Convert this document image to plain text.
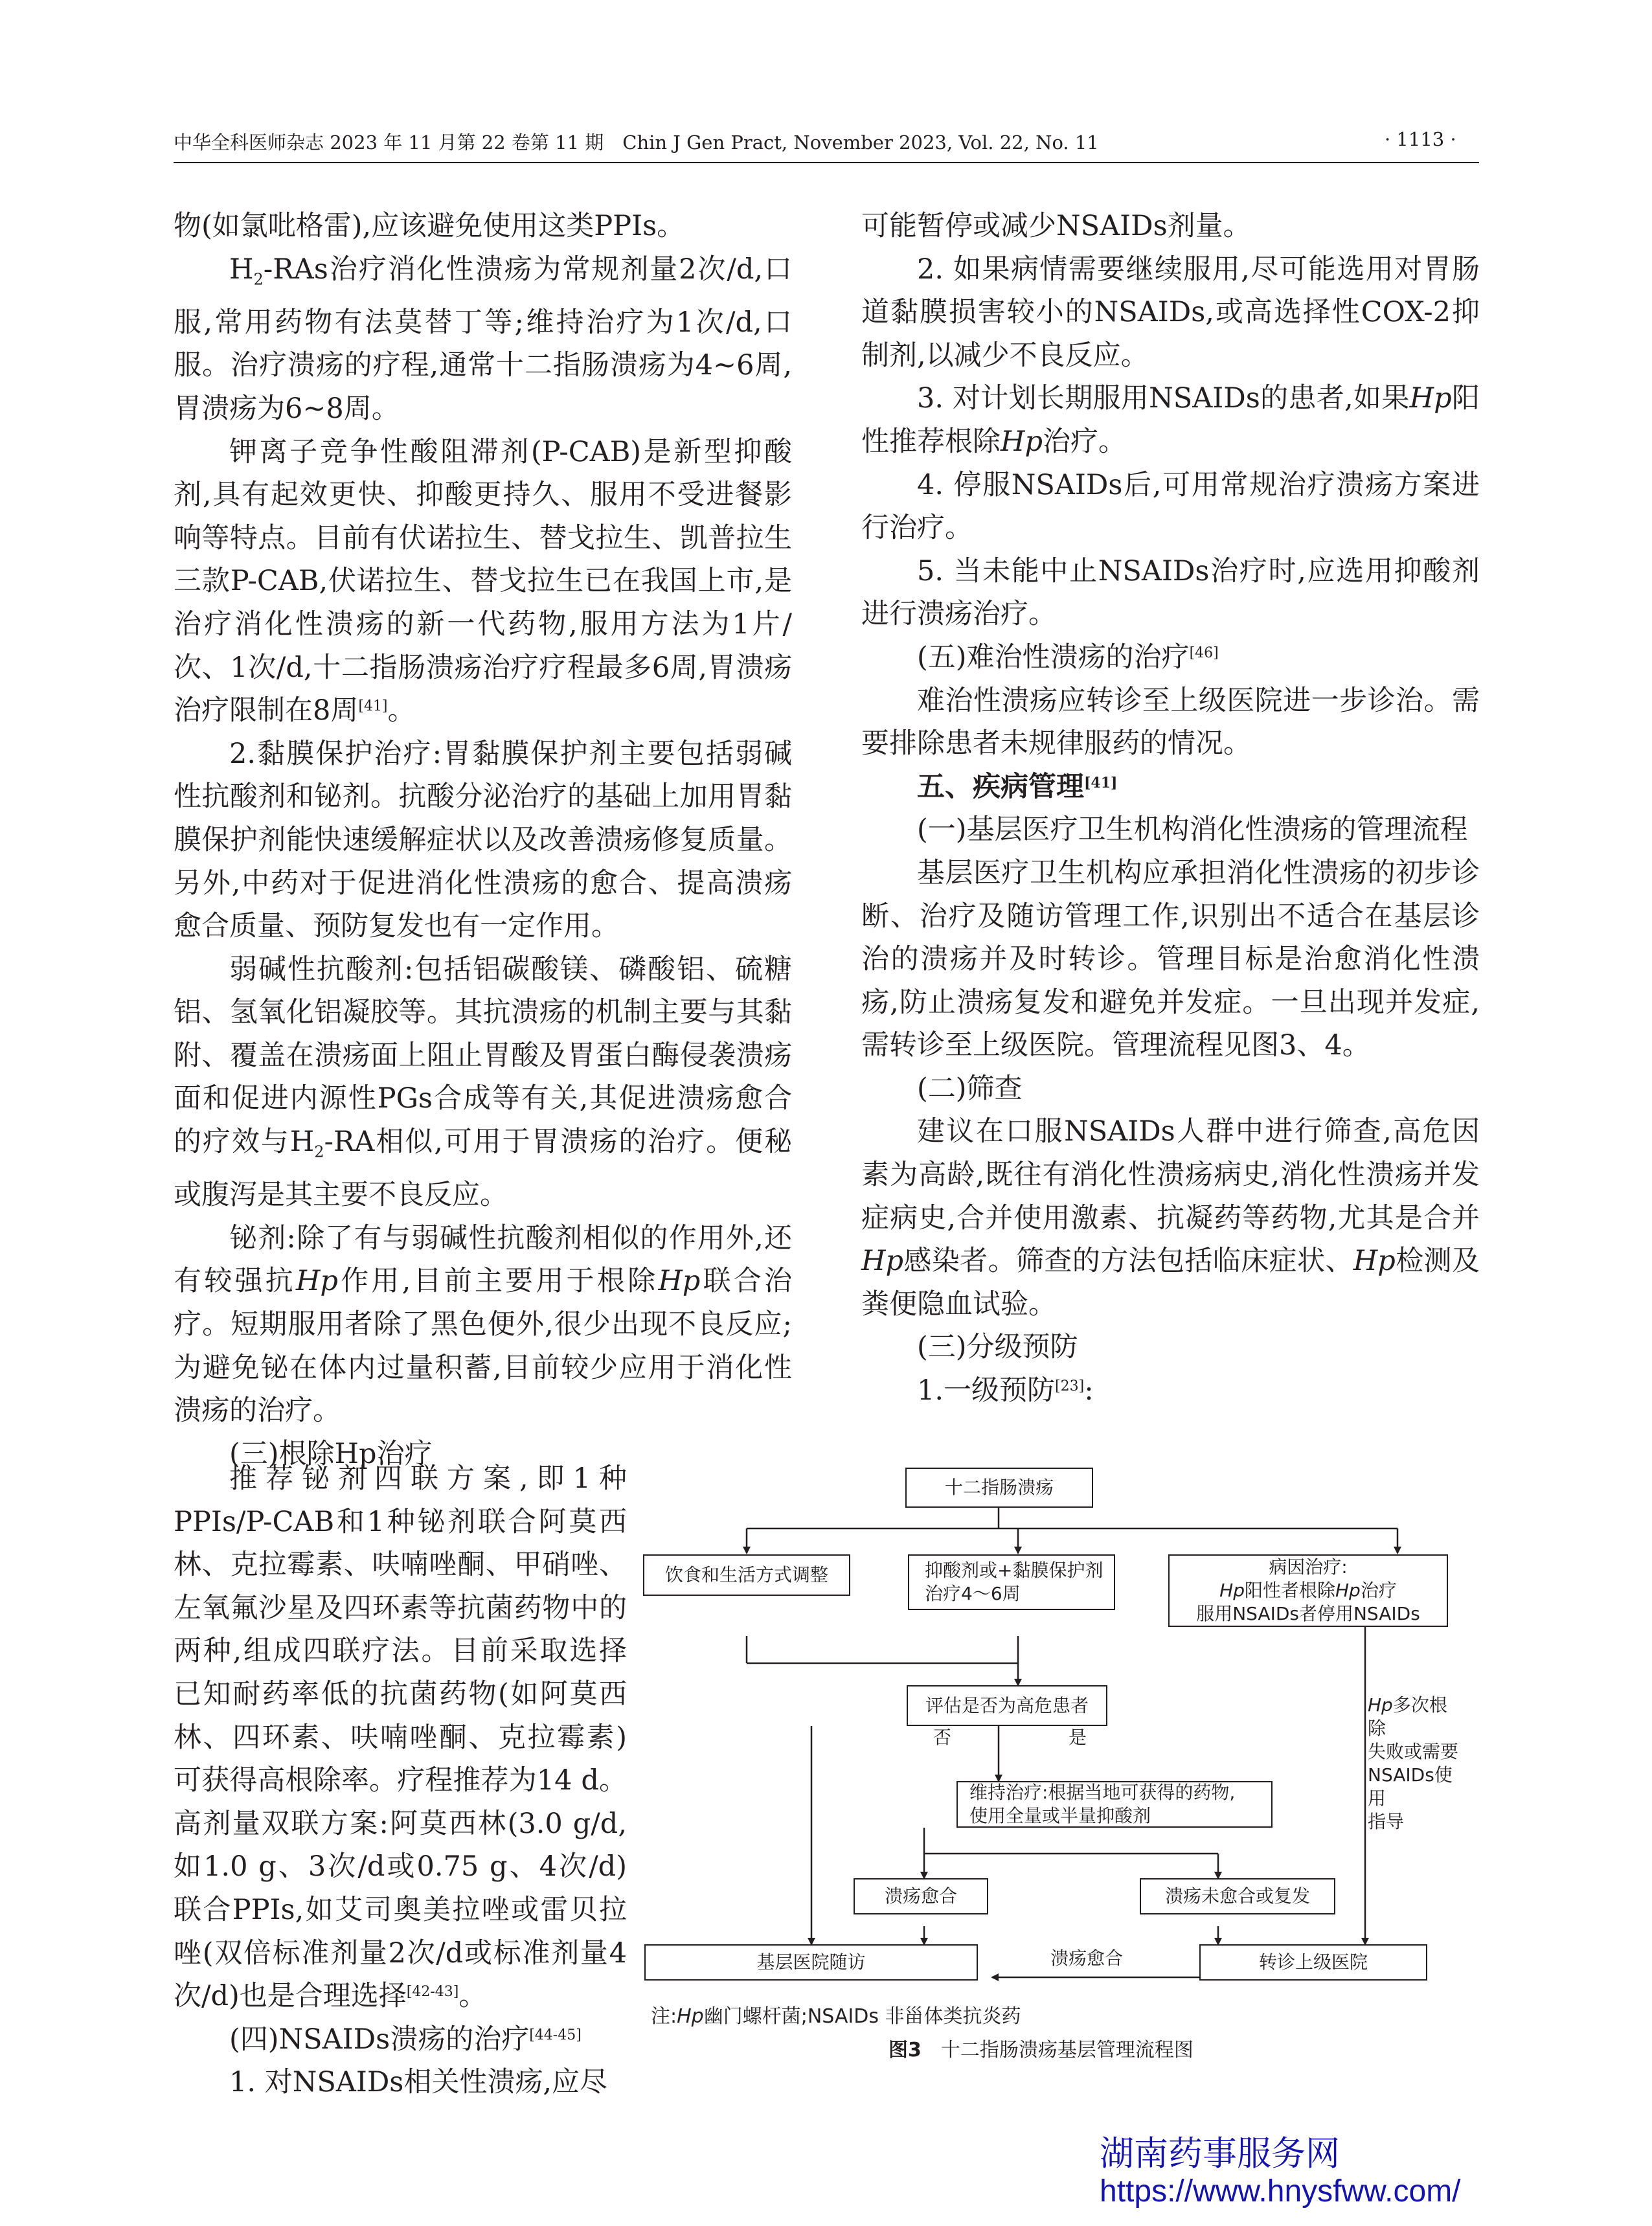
中华全科医师杂志 2023 年 11 月第 22 卷第 11 期　Chin J Gen Pract, November 2023, Vol. 22, No. 11	· 1113 ·

物(如氯吡格雷),应该避免使用这类PPIs。

$H_2$-RAs治疗消化性溃疡为常规剂量2次/d,口服,常用药物有法莫替丁等;维持治疗为1次/d,口服。治疗溃疡的疗程,通常十二指肠溃疡为4~6周,胃溃疡为6~8周。

钾离子竞争性酸阻滞剂(P-CAB)是新型抑酸剂,具有起效更快、抑酸更持久、服用不受进餐影响等特点。目前有伏诺拉生、替戈拉生、凯普拉生三款P-CAB,伏诺拉生、替戈拉生已在我国上市,是治疗消化性溃疡的新一代药物,服用方法为1片/次、1次/d,十二指肠溃疡治疗疗程最多6周,胃溃疡治疗限制在8周[41]。

2.黏膜保护治疗:胃黏膜保护剂主要包括弱碱性抗酸剂和铋剂。抗酸分泌治疗的基础上加用胃黏膜保护剂能快速缓解症状以及改善溃疡修复质量。另外,中药对于促进消化性溃疡的愈合、提高溃疡愈合质量、预防复发也有一定作用。

弱碱性抗酸剂:包括铝碳酸镁、磷酸铝、硫糖铝、氢氧化铝凝胶等。其抗溃疡的机制主要与其黏附、覆盖在溃疡面上阻止胃酸及胃蛋白酶侵袭溃疡面和促进内源性PGs合成等有关,其促进溃疡愈合的疗效与$H_2-RA$相似,可用于胃溃疡的治疗。便秘或腹泻是其主要不良反应。

铋剂:除了有与弱碱性抗酸剂相似的作用外,还有较强抗Hp作用,目前主要用于根除Hp联合治疗。短期服用者除了黑色便外,很少出现不良反应;为避免铋在体内过量积蓄,目前较少应用于消化性溃疡的治疗。

(三)根除Hp治疗

推荐铋剂四联方案,即1种PPIs/P-CAB和1种铋剂联合阿莫西林、克拉霉素、呋喃唑酮、甲硝唑、左氧氟沙星及四环素等抗菌药物中的两种,组成四联疗法。目前采取选择已知耐药率低的抗菌药物(如阿莫西林、四环素、呋喃唑酮、克拉霉素)可获得高根除率。疗程推荐为14 d。高剂量双联方案:阿莫西林(3.0 g/d,如1.0 g、3次/d或0.75 g、4次/d)联合PPIs,如艾司奥美拉唑或雷贝拉唑(双倍标准剂量2次/d或标准剂量4次/d)也是合理选择[42-43]。

(四)NSAIDs溃疡的治疗[44-45]

1. 对NSAIDs相关性溃疡,应尽

可能暂停或减少NSAIDs剂量。

2. 如果病情需要继续服用,尽可能选用对胃肠道黏膜损害较小的NSAIDs,或高选择性COX-2抑制剂,以减少不良反应。

3. 对计划长期服用NSAIDs的患者,如果Hp阳性推荐根除Hp治疗。

4. 停服NSAIDs后,可用常规治疗溃疡方案进行治疗。

5. 当未能中止NSAIDs治疗时,应选用抑酸剂进行溃疡治疗。

(五)难治性溃疡的治疗[46]

难治性溃疡应转诊至上级医院进一步诊治。需要排除患者未规律服药的情况。

五、疾病管理[41]

(一)基层医疗卫生机构消化性溃疡的管理流程

基层医疗卫生机构应承担消化性溃疡的初步诊断、治疗及随访管理工作,识别出不适合在基层诊治的溃疡并及时转诊。管理目标是治愈消化性溃疡,防止溃疡复发和避免并发症。一旦出现并发症,需转诊至上级医院。管理流程见图3、4。

(二)筛查

建议在口服NSAIDs人群中进行筛查,高危因素为高龄,既往有消化性溃疡病史,消化性溃疡并发症病史,合并使用激素、抗凝药等药物,尤其是合并Hp感染者。筛查的方法包括临床症状、Hp检测及粪便隐血试验。

(三)分级预防

1.一级预防[23]:

十二指肠溃疡
饮食和生活方式调整	抑酸剂或+黏膜保护剂
治疗4～6周
病因治疗:
Hp阳性者根除Hp治疗
服用NSAIDs者停用NSAIDs
评估是否为高危患者
否	是
维持治疗:根据当地可获得的药物,
使用全量或半量抑酸剂
溃疡愈合	溃疡未愈合或复发
基层医院随访	转诊上级医院
溃疡愈合
Hp多次根除
失败或需要
NSAIDs使用
指导
注:Hp幽门螺杆菌;NSAIDs 非甾体类抗炎药
图3　 十二指肠溃疡基层管理流程图
湖南药事服务网
https://www.hnysfww.com/
